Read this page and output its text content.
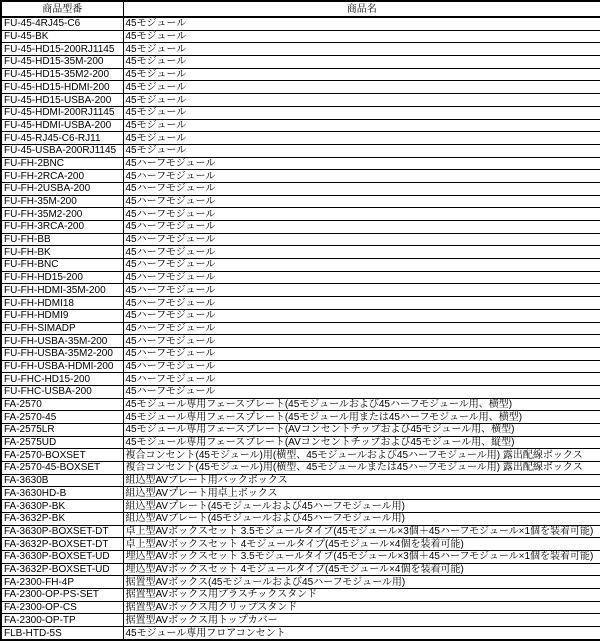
商品型番	商品名
FU-45-4RJ45-C6	45モジュール
FU-45-BK	45モジュール
FU-45-HD15-200RJ1145	45モジュール
FU-45-HD15-35M-200	45モジュール
FU-45-HD15-35M2-200	45モジュール
FU-45-HD15-HDMI-200	45モジュール
FU-45-HD15-USBA-200	45モジュール
FU-45-HDMI-200RJ1145	45モジュール
FU-45-HDMI-USBA-200	45モジュール
FU-45-RJ45-C6-RJ11	45モジュール
FU-45-USBA-200RJ1145	45モジュール
FU-FH-2BNC	45ハーフモジュール
FU-FH-2RCA-200	45ハーフモジュール
FU-FH-2USBA-200	45ハーフモジュール
FU-FH-35M-200	45ハーフモジュール
FU-FH-35M2-200	45ハーフモジュール
FU-FH-3RCA-200	45ハーフモジュール
FU-FH-BB	45ハーフモジュール
FU-FH-BK	45ハーフモジュール
FU-FH-BNC	45ハーフモジュール
FU-FH-HD15-200	45ハーフモジュール
FU-FH-HDMI-35M-200	45ハーフモジュール
FU-FH-HDMI18	45ハーフモジュール
FU-FH-HDMI9	45ハーフモジュール
FU-FH-SIMADP	45ハーフモジュール
FU-FH-USBA-35M-200	45ハーフモジュール
FU-FH-USBA-35M2-200	45ハーフモジュール
FU-FH-USBA-HDMI-200	45ハーフモジュール
FU-FHC-HD15-200	45ハーフモジュール
FU-FHC-USBA-200	45ハーフモジュール
FA-2570	45モジュール専用フェースプレート(45モジュールおよび45ハーフモジュール用、横型)
FA-2570-45	45モジュール専用フェースプレート(45モジュール用または45ハーフモジュール用、横型)
FA-2575LR	45モジュール専用フェースプレート(AVコンセントチップおよび45モジュール用、横型)
FA-2575UD	45モジュール専用フェースプレート(AVコンセントチップおよび45モジュール用、縦型)
FA-2570-BOXSET	複合コンセント(45モジュール)用(横型、45モジュールおよび45ハーフモジュール用) 露出配線ボックス
FA-2570-45-BOXSET	複合コンセント(45モジュール)用(横型、45モジュールまたは45ハーフモジュール用) 露出配線ボックス
FA-3630B	組込型AVプレート用バックボックス
FA-3630HD-B	組込型AVプレート用卓上ボックス
FA-3630P-BK	組込型AVプレート(45モジュールおよび45ハーフモジュール用)
FA-3632P-BK	組込型AVプレート(45モジュールおよび45ハーフモジュール用)
FA-3630P-BOXSET-DT	卓上型AVボックスセット 3.5モジュールタイプ(45モジュール×3個＋45ハーフモジュール×1個を装着可能)
FA-3632P-BOXSET-DT	卓上型AVボックスセット 4モジュールタイプ(45モジュール×4個を装着可能)
FA-3630P-BOXSET-UD	埋込型AVボックスセット 3.5モジュールタイプ(45モジュール×3個＋45ハーフモジュール×1個を装着可能)
FA-3632P-BOXSET-UD	埋込型AVボックスセット 4モジュールタイプ(45モジュール×4個を装着可能)
FA-2300-FH-4P	据置型AVボックス(45モジュールおよび45ハーフモジュール用)
FA-2300-OP-PS-SET	据置型AVボックス用プラスチックスタンド
FA-2300-OP-CS	据置型AVボックス用クリップスタンド
FA-2300-OP-TP	据置型AVボックス用トップカバー
FLB-HTD-5S	45モジュール専用フロアコンセント
